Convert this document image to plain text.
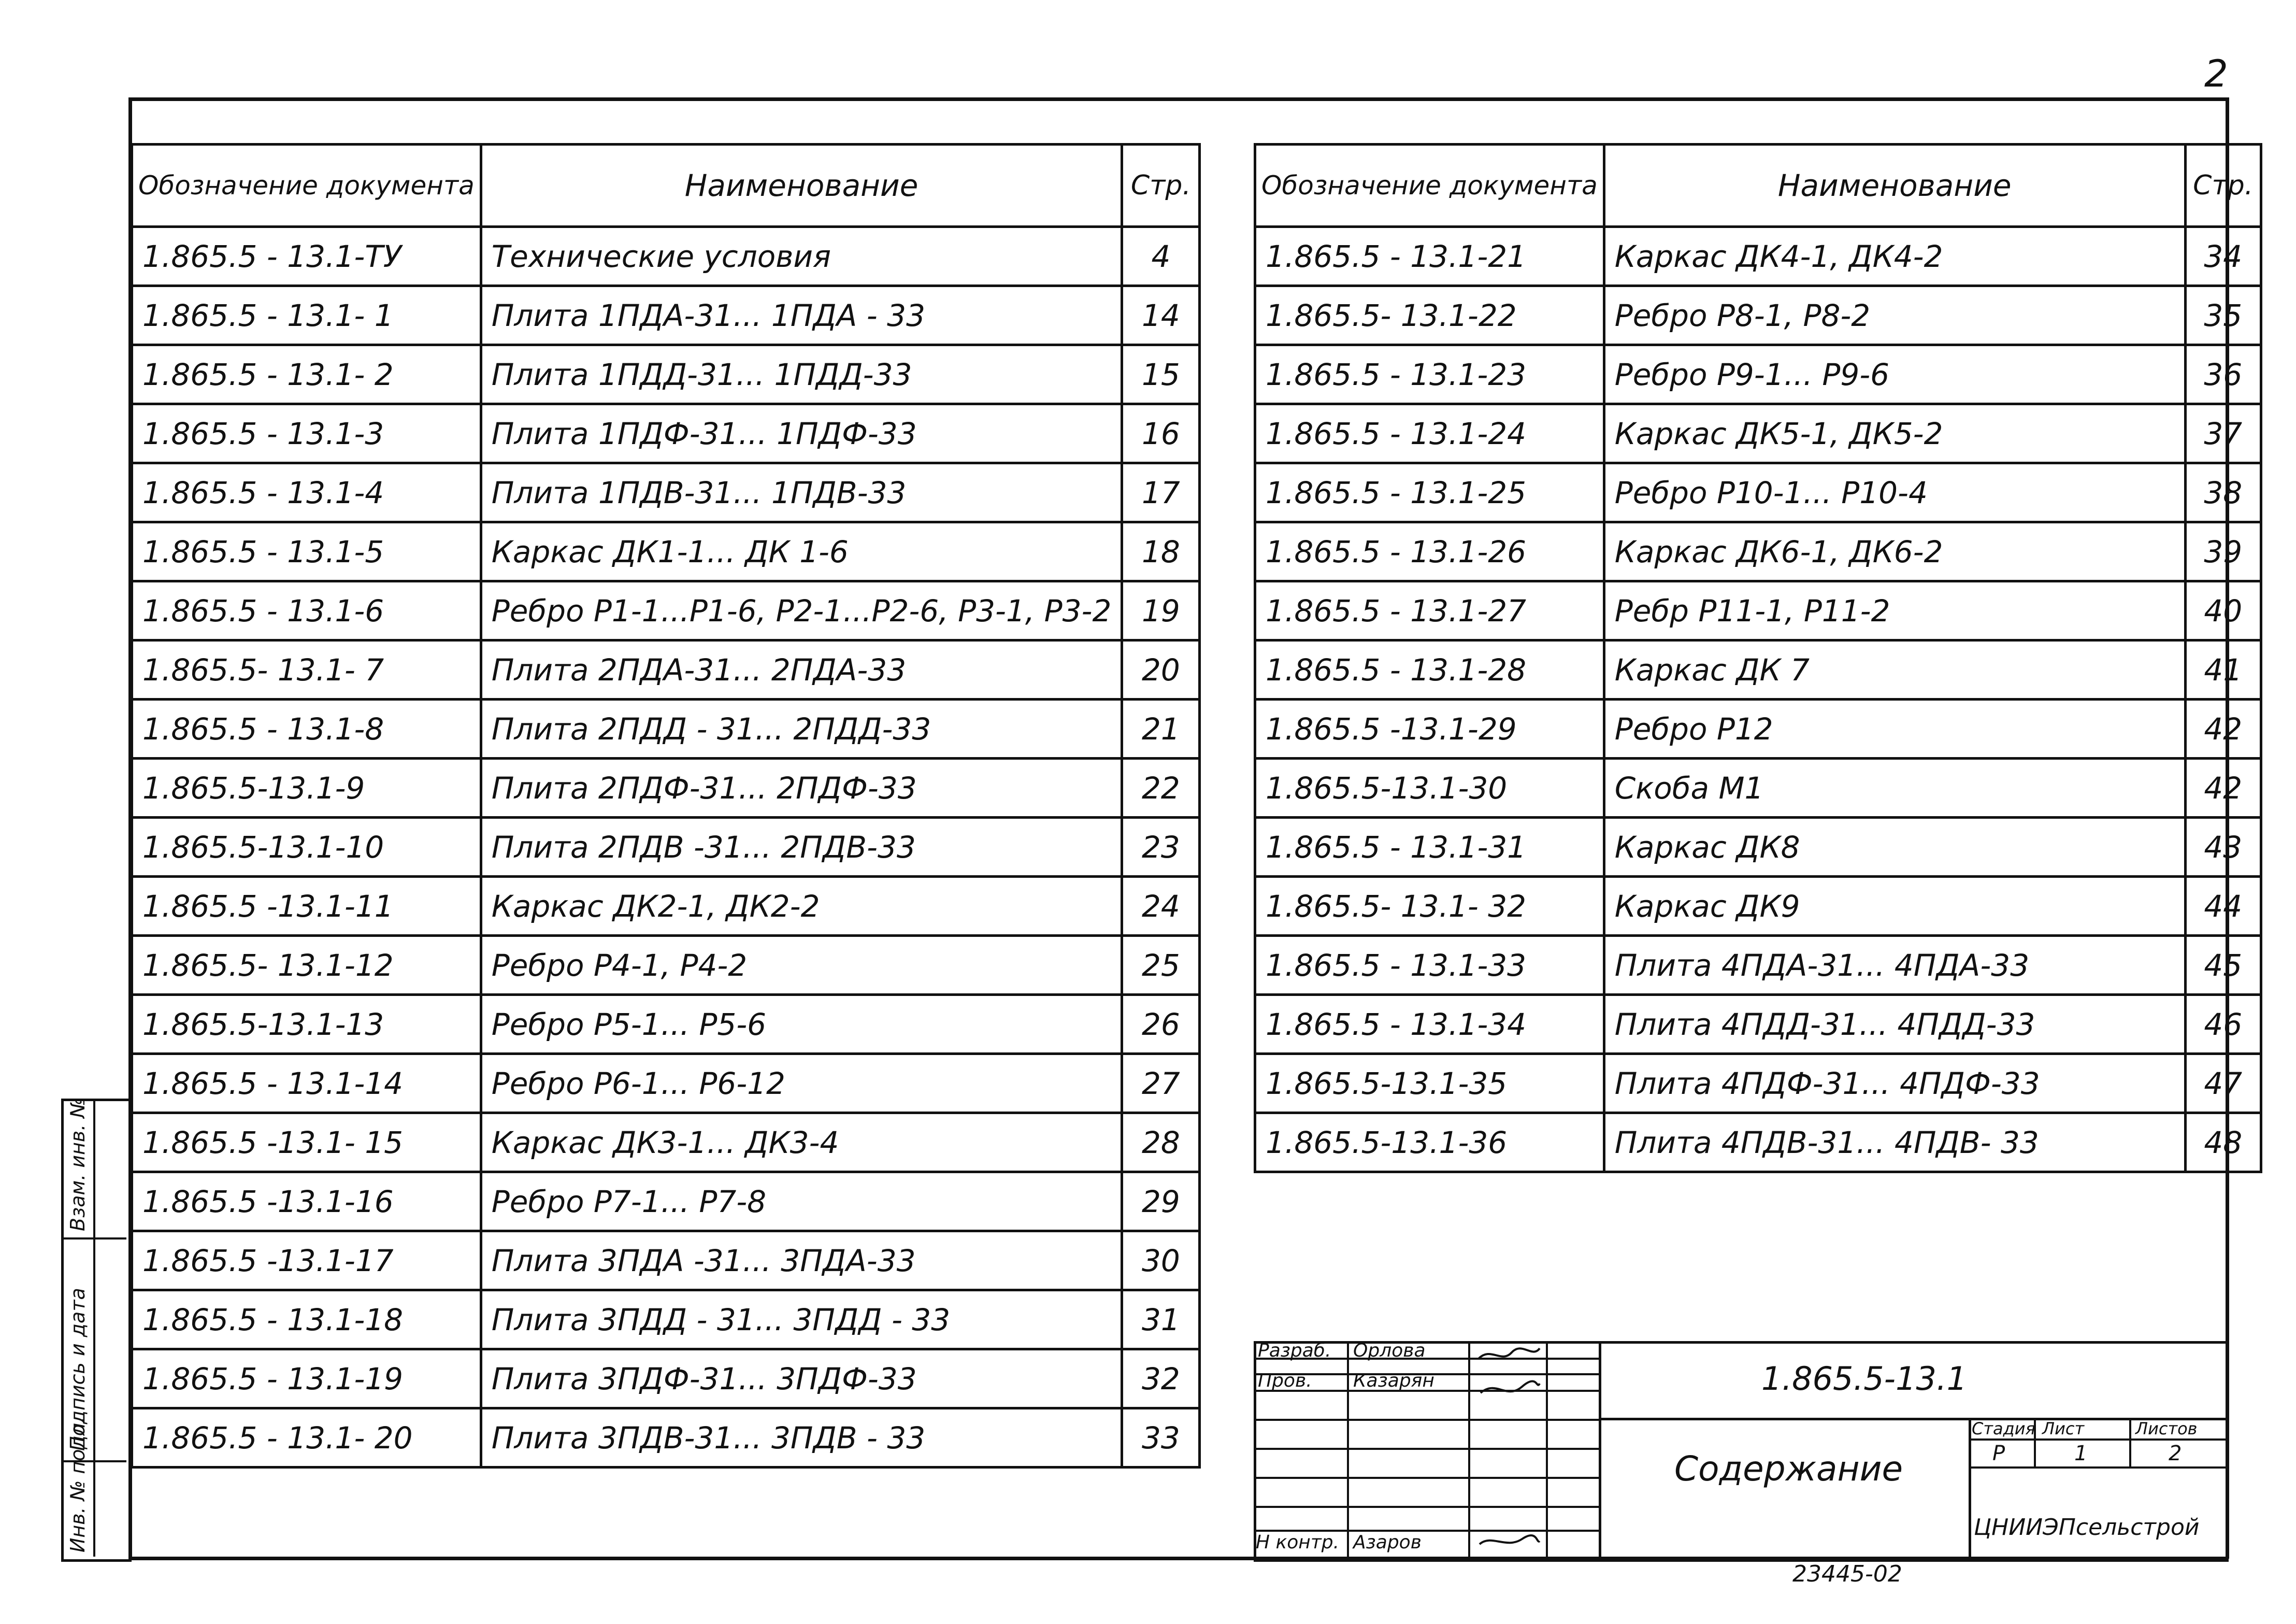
2
Обозначение документа	Наименование	Стр.
1.865.5 - 13.1-ТУ	Технические условия	4
1.865.5 - 13.1- 1	Плита 1ПДА-31... 1ПДА - 33	14
1.865.5 - 13.1- 2	Плита 1ПДД-31... 1ПДД-33	15
1.865.5 - 13.1-3	Плита 1ПДФ-31... 1ПДФ-33	16
1.865.5 - 13.1-4	Плита 1ПДВ-31... 1ПДВ-33	17
1.865.5 - 13.1-5	Каркас ДК1-1... ДК 1-6	18
1.865.5 - 13.1-6	Ребро Р1-1...Р1-6, Р2-1...Р2-6, Р3-1, Р3-2	19
1.865.5- 13.1- 7	Плита 2ПДА-31... 2ПДА-33	20
1.865.5 - 13.1-8	Плита 2ПДД - 31... 2ПДД-33	21
1.865.5-13.1-9	Плита 2ПДФ-31... 2ПДФ-33	22
1.865.5-13.1-10	Плита 2ПДВ -31... 2ПДВ-33	23
1.865.5 -13.1-11	Каркас ДК2-1, ДК2-2	24
1.865.5- 13.1-12	Ребро Р4-1, Р4-2	25
1.865.5-13.1-13	Ребро Р5-1... Р5-6	26
1.865.5 - 13.1-14	Ребро Р6-1... Р6-12	27
1.865.5 -13.1- 15	Каркас ДК3-1... ДК3-4	28
1.865.5 -13.1-16	Ребро Р7-1... Р7-8	29
1.865.5 -13.1-17	Плита 3ПДА -31... 3ПДА-33	30
1.865.5 - 13.1-18	Плита 3ПДД - 31... 3ПДД - 33	31
1.865.5 - 13.1-19	Плита 3ПДФ-31... 3ПДФ-33	32
1.865.5 - 13.1- 20	Плита 3ПДВ-31... 3ПДВ - 33	33
Обозначение документа	Наименование	Стр.
1.865.5 - 13.1-21	Каркас ДК4-1, ДК4-2	34
1.865.5- 13.1-22	Ребро Р8-1, Р8-2	35
1.865.5 - 13.1-23	Ребро Р9-1... Р9-6	36
1.865.5 - 13.1-24	Каркас ДК5-1, ДК5-2	37
1.865.5 - 13.1-25	Ребро Р10-1... Р10-4	38
1.865.5 - 13.1-26	Каркас ДК6-1, ДК6-2	39
1.865.5 - 13.1-27	Ребр Р11-1, Р11-2	40
1.865.5 - 13.1-28	Каркас ДК 7	41
1.865.5 -13.1-29	Ребро Р12	42
1.865.5-13.1-30	Скоба М1	42
1.865.5 - 13.1-31	Каркас ДК8	43
1.865.5- 13.1- 32	Каркас ДК9	44
1.865.5 - 13.1-33	Плита 4ПДА-31... 4ПДА-33	45
1.865.5 - 13.1-34	Плита 4ПДД-31... 4ПДД-33	46
1.865.5-13.1-35	Плита 4ПДФ-31... 4ПДФ-33	47
1.865.5-13.1-36	Плита 4ПДВ-31... 4ПДВ- 33	48
Разраб. Орлова
Пров. Казарян
Н контр. Азаров
1.865.5-13.1
Содержание
Стадия Лист	Листов
Р	1	2
ЦНИИЭПсельстрой
Инв. № подл.
Подпись и дата
Взам. инв. №
23445-02
